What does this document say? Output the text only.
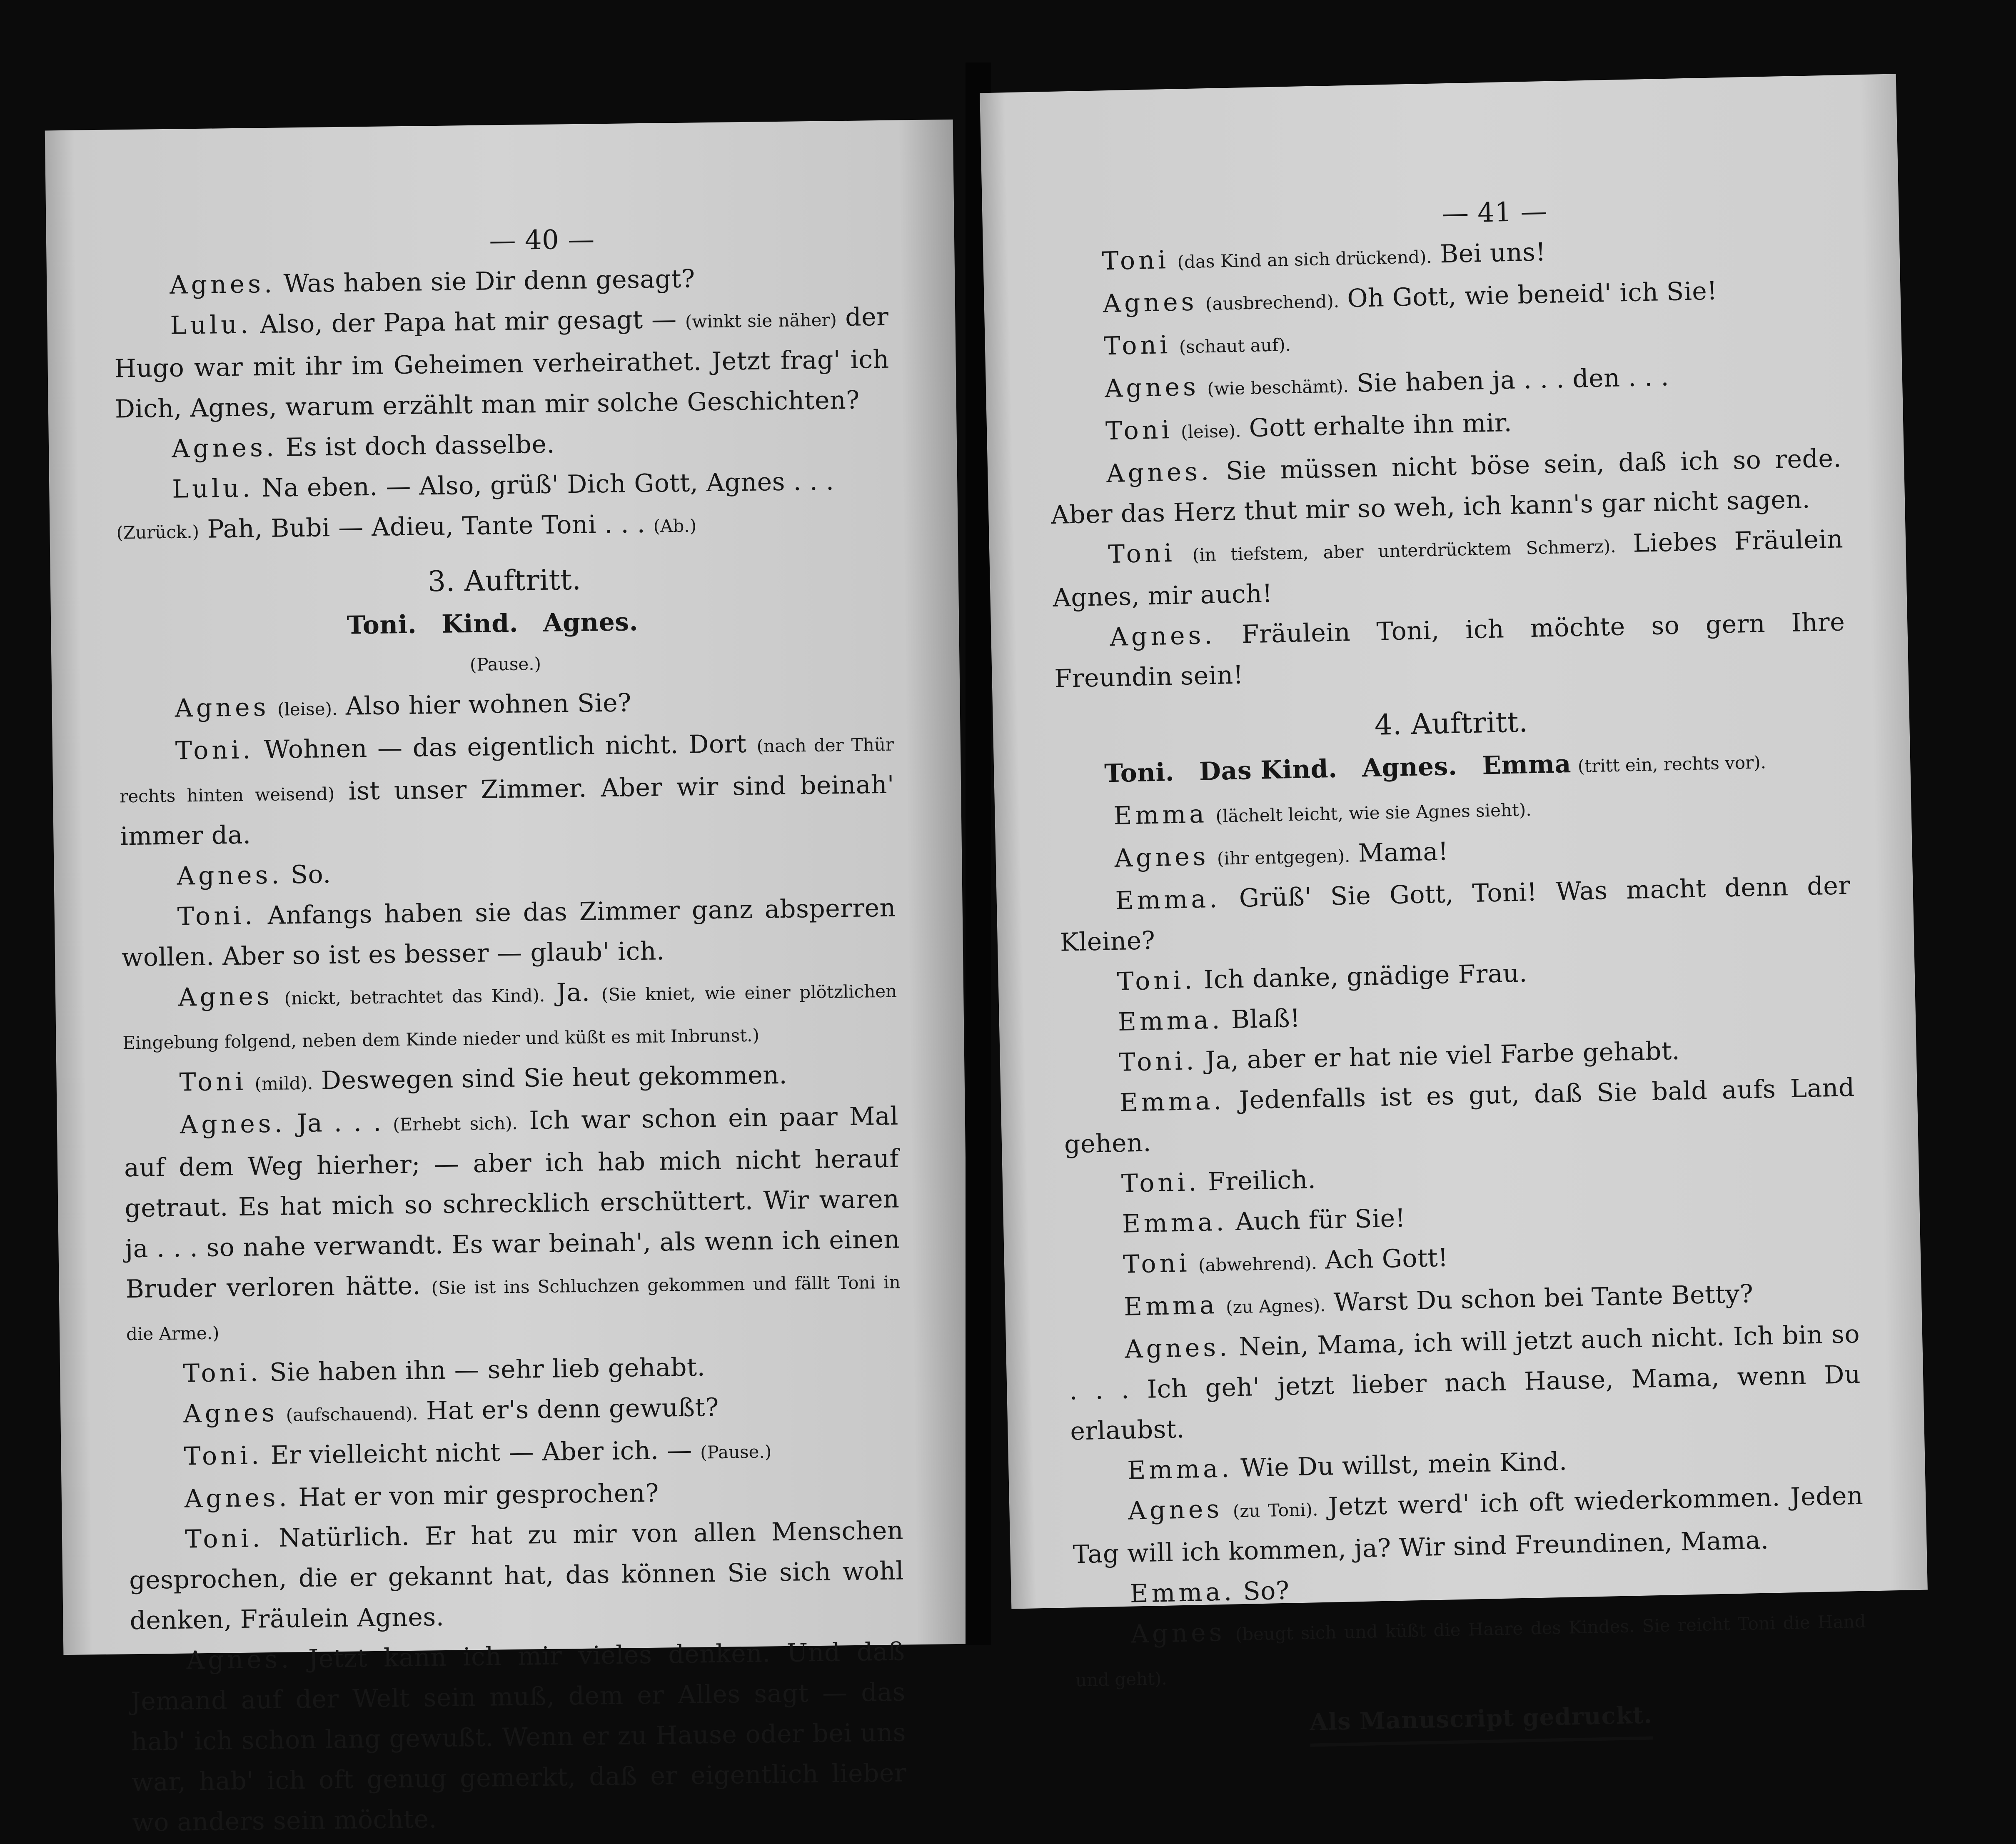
— 40 —

Agnes. Was haben sie Dir denn gesagt?

Lulu. Also, der Papa hat mir gesagt — (winkt sie näher) der Hugo war mit ihr im Geheimen verheirathet. Jetzt frag' ich Dich, Agnes, warum erzählt man mir solche Geschichten?

Agnes. Es ist doch dasselbe.

Lulu. Na eben. — Also, grüß' Dich Gott, Agnes . . .

(Zurück.) Pah, Bubi — Adieu, Tante Toni . . . (Ab.)

3. Auftritt.

Toni. Kind. Agnes.

(Pause.)

Agnes (leise). Also hier wohnen Sie?

Toni. Wohnen — das eigentlich nicht. Dort (nach der Thür rechts hinten weisend) ist unser Zimmer. Aber wir sind beinah' immer da.

Agnes. So.

Toni. Anfangs haben sie das Zimmer ganz absperren wollen. Aber so ist es besser — glaub' ich.

Agnes (nickt, betrachtet das Kind). Ja. (Sie kniet, wie einer plötzlichen Eingebung folgend, neben dem Kinde nieder und küßt es mit Inbrunst.)

Toni (mild). Deswegen sind Sie heut gekommen.

Agnes. Ja . . . (Erhebt sich). Ich war schon ein paar Mal auf dem Weg hierher; — aber ich hab mich nicht herauf getraut. Es hat mich so schrecklich erschüttert. Wir waren ja . . . so nahe verwandt. Es war beinah', als wenn ich einen Bruder verloren hätte. (Sie ist ins Schluchzen gekommen und fällt Toni in die Arme.)

Toni. Sie haben ihn — sehr lieb gehabt.

Agnes (aufschauend). Hat er's denn gewußt?

Toni. Er vielleicht nicht — Aber ich. — (Pause.)

Agnes. Hat er von mir gesprochen?

Toni. Natürlich. Er hat zu mir von allen Menschen gesprochen, die er gekannt hat, das können Sie sich wohl denken, Fräulein Agnes.

Agnes. Jetzt kann ich mir vieles denken. Und daß Jemand auf der Welt sein muß, dem er Alles sagt — das hab' ich schon lang gewußt. Wenn er zu Hause oder bei uns war, hab' ich oft genug gemerkt, daß er eigentlich lieber wo anders sein möchte.

— 41 —

Toni (das Kind an sich drückend). Bei uns!

Agnes (ausbrechend). Oh Gott, wie beneid' ich Sie!

Toni (schaut auf).

Agnes (wie beschämt). Sie haben ja . . . den . . .

Toni (leise). Gott erhalte ihn mir.

Agnes. Sie müssen nicht böse sein, daß ich so rede. Aber das Herz thut mir so weh, ich kann's gar nicht sagen.

Toni (in tiefstem, aber unterdrücktem Schmerz). Liebes Fräulein Agnes, mir auch!

Agnes. Fräulein Toni, ich möchte so gern Ihre Freundin sein!

4. Auftritt.

Toni. Das Kind. Agnes. Emma (tritt ein, rechts vor).

Emma (lächelt leicht, wie sie Agnes sieht).

Agnes (ihr entgegen). Mama!

Emma. Grüß' Sie Gott, Toni! Was macht denn der Kleine?

Toni. Ich danke, gnädige Frau.

Emma. Blaß!

Toni. Ja, aber er hat nie viel Farbe gehabt.

Emma. Jedenfalls ist es gut, daß Sie bald aufs Land gehen.

Toni. Freilich.

Emma. Auch für Sie!

Toni (abwehrend). Ach Gott!

Emma (zu Agnes). Warst Du schon bei Tante Betty?

Agnes. Nein, Mama, ich will jetzt auch nicht. Ich bin so . . . Ich geh' jetzt lieber nach Hause, Mama, wenn Du erlaubst.

Emma. Wie Du willst, mein Kind.

Agnes (zu Toni). Jetzt werd' ich oft wiederkommen. Jeden Tag will ich kommen, ja? Wir sind Freundinen, Mama.

Emma. So?

Agnes (beugt sich und küßt die Haare des Kindes. Sie reicht Toni die Hand und geht).

Als Manuscript gedruckt.
